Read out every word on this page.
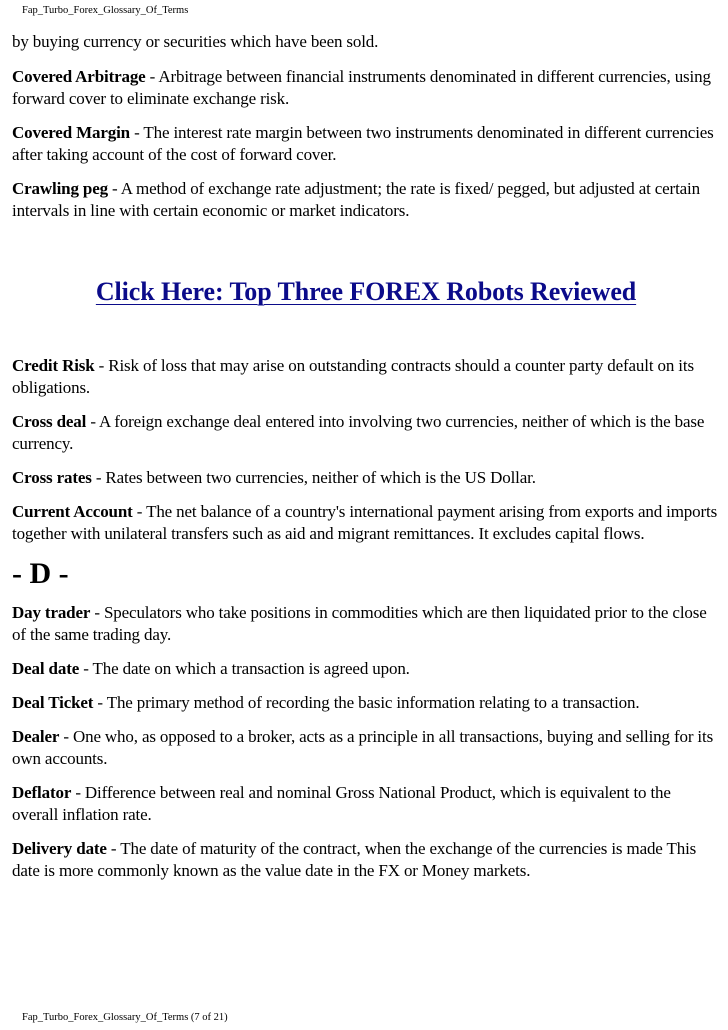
Fap_Turbo_Forex_Glossary_Of_Terms

by buying currency or securities which have been sold.

Covered Arbitrage - Arbitrage between financial instruments denominated in different currencies, using forward cover to eliminate exchange risk.

Covered Margin - The interest rate margin between two instruments denominated in different currencies after taking account of the cost of forward cover.

Crawling peg - A method of exchange rate adjustment; the rate is fixed/ pegged, but adjusted at certain intervals in line with certain economic or market indicators.

Click Here: Top Three FOREX Robots Reviewed

Credit Risk - Risk of loss that may arise on outstanding contracts should a counter party default on its obligations.

Cross deal - A foreign exchange deal entered into involving two currencies, neither of which is the base currency.

Cross rates - Rates between two currencies, neither of which is the US Dollar.

Current Account - The net balance of a country's international payment arising from exports and imports together with unilateral transfers such as aid and migrant remittances. It excludes capital flows.

- D -

Day trader - Speculators who take positions in commodities which are then liquidated prior to the close of the same trading day.

Deal date - The date on which a transaction is agreed upon.

Deal Ticket - The primary method of recording the basic information relating to a transaction.

Dealer - One who, as opposed to a broker, acts as a principle in all transactions, buying and selling for its own accounts.

Deflator - Difference between real and nominal Gross National Product, which is equivalent to the overall inflation rate.

Delivery date - The date of maturity of the contract, when the exchange of the currencies is made This date is more commonly known as the value date in the FX or Money markets.

Fap_Turbo_Forex_Glossary_Of_Terms (7 of 21)
